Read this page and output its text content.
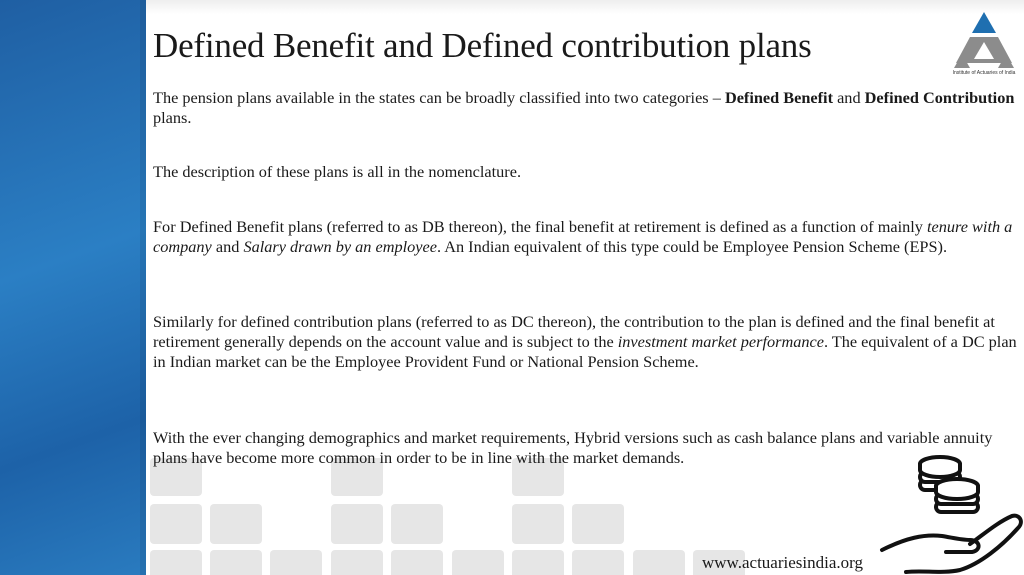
Defined Benefit and Defined contribution plans
Institute of Actuaries of India

The pension plans available in the states can be broadly classified into two categories – Defined Benefit and Defined Contribution plans.

The description of these plans is all in the nomenclature.

For Defined Benefit plans (referred to as DB thereon), the final benefit at retirement is defined as a function of mainly tenure with a company and Salary drawn by an employee. An Indian equivalent of this type could be Employee Pension Scheme (EPS).

Similarly for defined contribution plans (referred to as DC thereon), the contribution to the plan is defined and the final benefit at retirement generally depends on the account value and is subject to the investment market performance. The equivalent of a DC plan in Indian market can be the Employee Provident Fund or National Pension Scheme.

With the ever changing demographics and market requirements, Hybrid versions such as cash balance plans and variable annuity plans have become more common in order to be in line with the market demands.

www.actuariesindia.org
